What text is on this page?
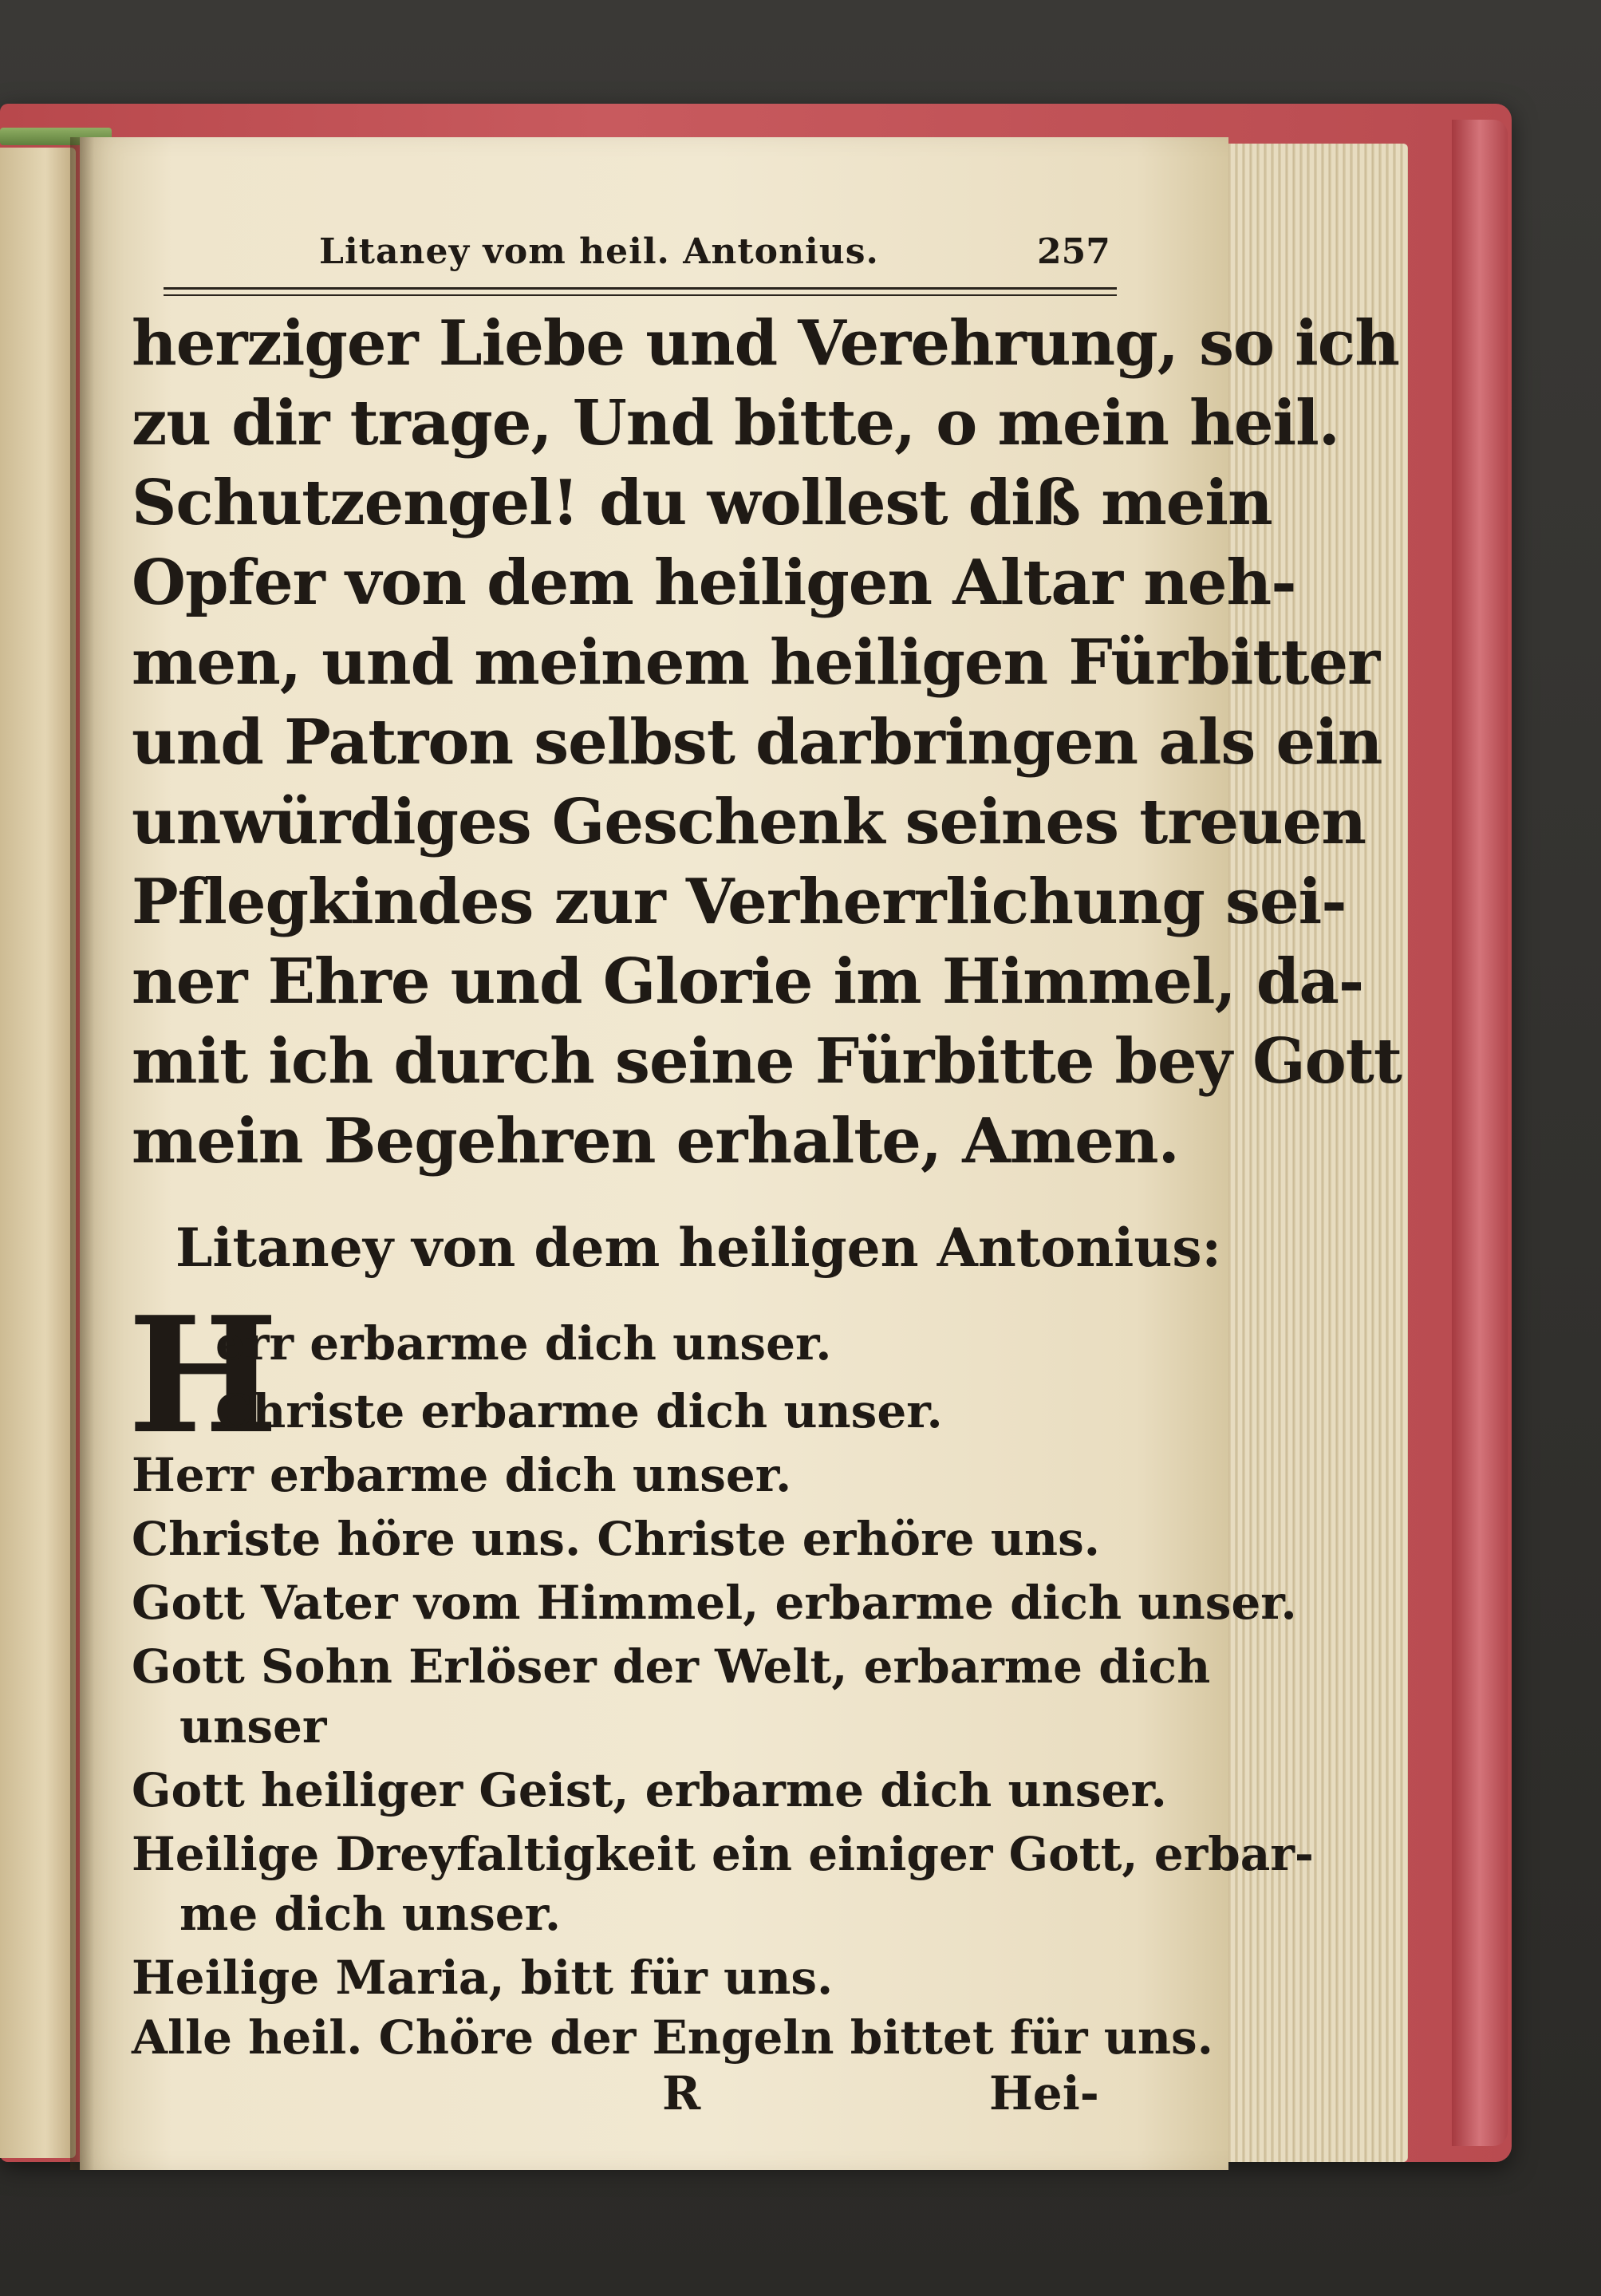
Litaney vom heil. Antonius.	257
herziger Liebe und Verehrung, so ich
zu dir trage, Und bitte, o mein heil.
Schutzengel! du wollest diß mein
Opfer von dem heiligen Altar neh-
men, und meinem heiligen Fürbitter
und Patron selbst darbringen als ein
unwürdiges Geschenk seines treuen
Pflegkindes zur Verherrlichung sei-
ner Ehre und Glorie im Himmel, da-
mit ich durch seine Fürbitte bey Gott
mein Begehren erhalte, Amen.
Litaney von dem heiligen Antonius:
H
err erbarme dich unser.
Christe erbarme dich unser.
Herr erbarme dich unser.
Christe höre uns. Christe erhöre uns.
Gott Vater vom Himmel, erbarme dich unser.
Gott Sohn Erlöser der Welt, erbarme dich
unser
Gott heiliger Geist, erbarme dich unser.
Heilige Dreyfaltigkeit ein einiger Gott, erbar-
me dich unser.
Heilige Maria, bitt für uns.
Alle heil. Chöre der Engeln bittet für uns.
R	Hei-
